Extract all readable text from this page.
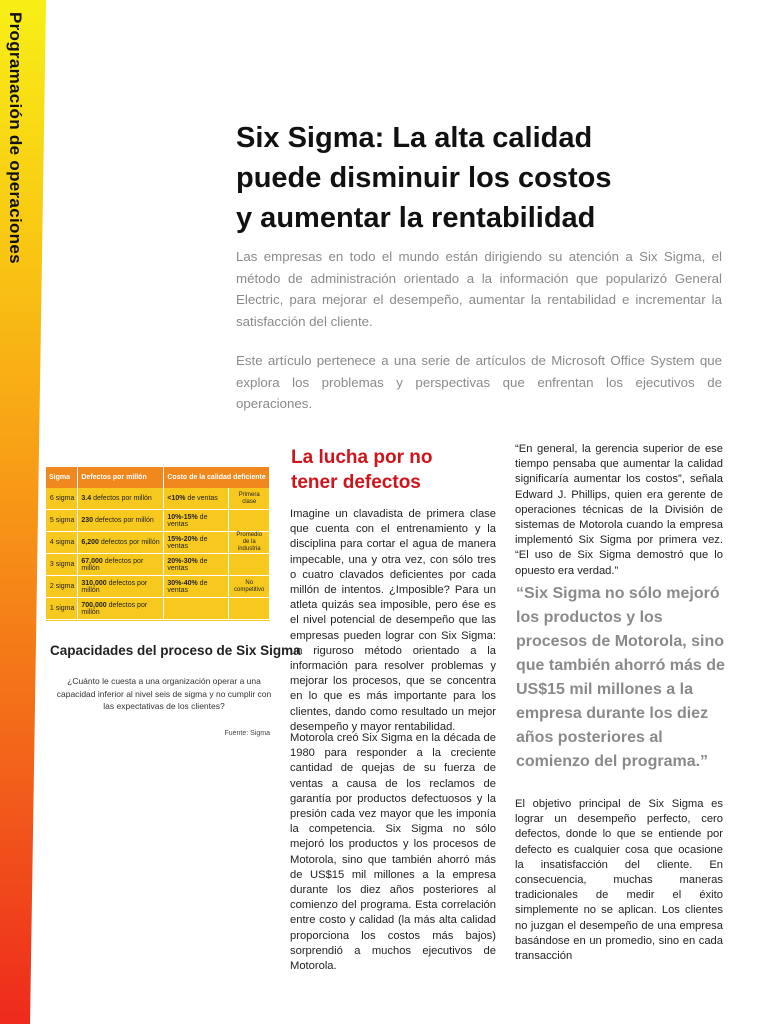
Programación de operaciones	Six Sigma: La alta calidad
puede disminuir los costos
y aumentar la rentabilidad

Las empresas en todo el mundo están dirigiendo su atención a Six Sigma, el método de administración orientado a la información que popularizó General Electric, para mejorar el desempeño, aumentar la rentabilidad e incrementar la satisfacción del cliente.

Este artículo pertenece a una serie de artículos de Microsoft Office System que explora los problemas y perspectivas que enfrentan los ejecutivos de operaciones.

Sigma	Defectos por millón	Costo de la calidad deficiente	
6 sigma	3.4 defectos por millón	<10% de ventas	Primera clase
5 sigma	230 defectos por millón	10%-15% de ventas	
4 sigma	6,200 defectos por millón	15%-20% de ventas	Promedio de la industria
3 sigma	67,000 defectos por millón	20%-30% de ventas	
2 sigma	310,000 defectos por millón	30%-40% de ventas	No competitivo
1 sigma	700,000 defectos por millón		

Capacidades del proceso de Six Sigma

¿Cuánto le cuesta a una organización operar a una capacidad inferior al nivel seis de sigma y no cumplir con las expectativas de los clientes?

Fuente: Sigma

La lucha por no
tener defectos

Imagine un clavadista de primera clase que cuenta con el entrenamiento y la disciplina para cortar el agua de manera impecable, una y otra vez, con sólo tres o cuatro clavados deficientes por cada millón de intentos. ¿Imposible? Para un atleta quizás sea imposible, pero ése es el nivel potencial de desempeño que las empresas pueden lograr con Six Sigma: un riguroso método orientado a la información para resolver problemas y mejorar los procesos, que se concentra en lo que es más importante para los clientes, dando como resultado un mejor desempeño y mayor rentabilidad.

Motorola creó Six Sigma en la década de 1980 para responder a la creciente cantidad de quejas de su fuerza de ventas a causa de los reclamos de garantía por productos defectuosos y la presión cada vez mayor que les imponía la competencia. Six Sigma no sólo mejoró los productos y los procesos de Motorola, sino que también ahorró más de US$15 mil millones a la empresa durante los diez años posteriores al comienzo del programa. Esta correlación entre costo y calidad (la más alta calidad proporciona los costos más bajos) sorprendió a muchos ejecutivos de Motorola.

“En general, la gerencia superior de ese tiempo pensaba que aumentar la calidad significaría aumentar los costos”, señala Edward J. Phillips, quien era gerente de operaciones técnicas de la División de sistemas de Motorola cuando la empresa implementó Six Sigma por primera vez. “El uso de Six Sigma demostró que lo opuesto era verdad.”

“Six Sigma no sólo mejoró los productos y los procesos de Motorola, sino que también ahorró más de US$15 mil millones a la empresa durante los diez años posteriores al comienzo del programa.”

El objetivo principal de Six Sigma es lograr un desempeño perfecto, cero defectos, donde lo que se entiende por defecto es cualquier cosa que ocasione la insatisfacción del cliente. En consecuencia, muchas maneras tradicionales de medir el éxito simplemente no se aplican. Los clientes no juzgan el desempeño de una empresa basándose en un promedio, sino en cada transacción
